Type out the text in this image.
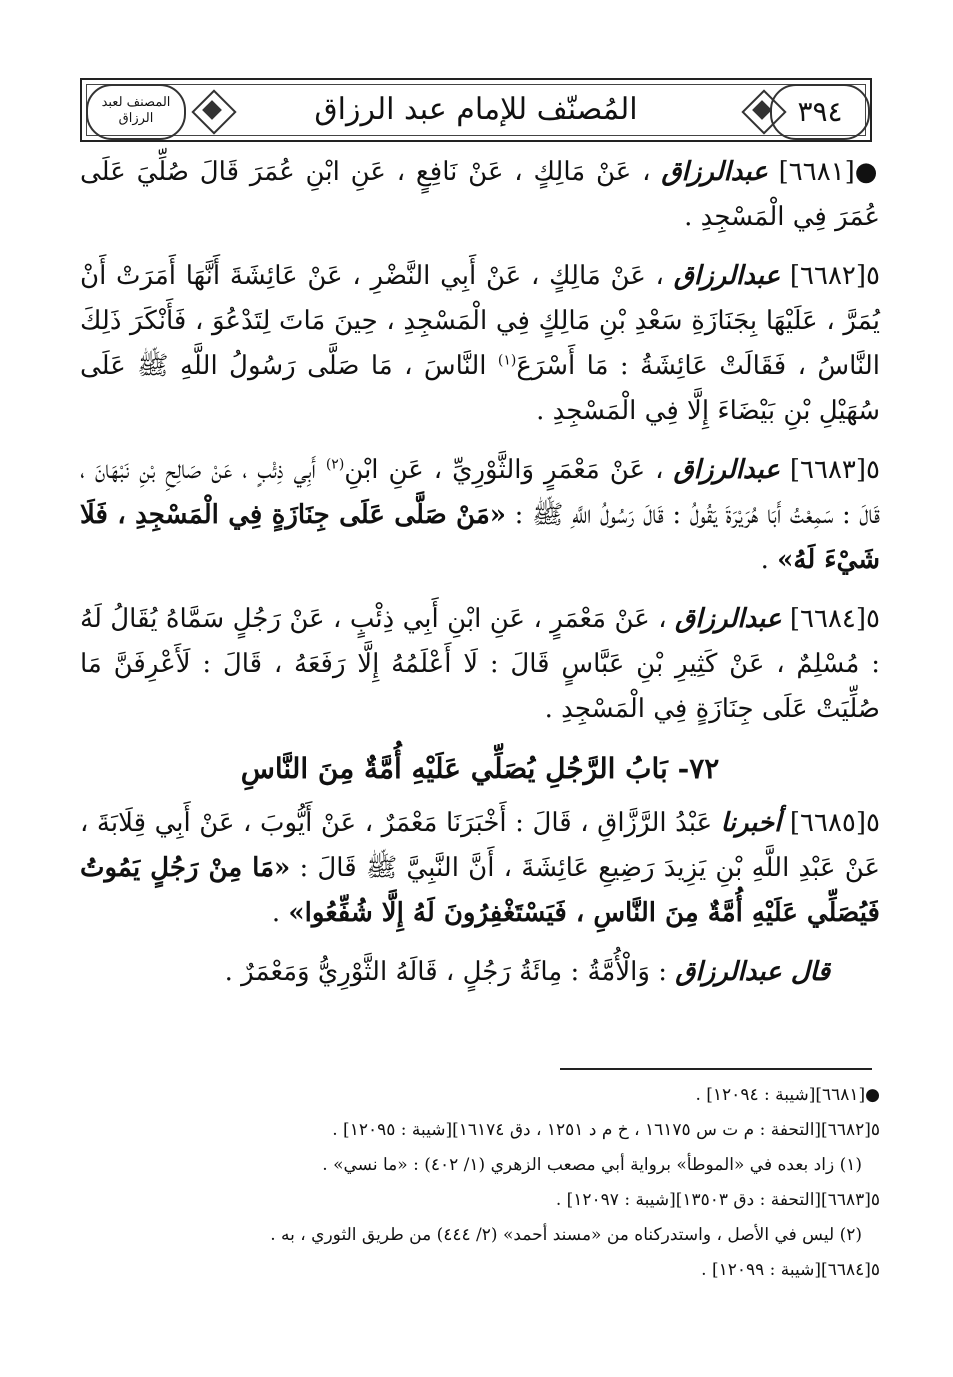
المصنف لعبد الرزاق	المُصنّف للإمام عبد الرزاق	٣٩٤

●[٦٦٨١] عبدالرزاق ، عَنْ مَالِكٍ ، عَنْ نَافِعٍ ، عَنِ ابْنِ عُمَرَ قَالَ صُلِّيَ عَلَى عُمَرَ فِي الْمَسْجِدِ .

٥[٦٦٨٢] عبدالرزاق ، عَنْ مَالِكٍ ، عَنْ أَبِي النَّضْرِ ، عَنْ عَائِشَةَ أَنَّهَا أَمَرَتْ أَنْ يُمَرَّ ، عَلَيْهَا بِجَنَازَةِ سَعْدِ بْنِ مَالِكٍ فِي الْمَسْجِدِ ، حِينَ مَاتَ لِتَدْعُوَ ، فَأَنْكَرَ ذَلِكَ النَّاسُ ، فَقَالَتْ عَائِشَةُ : مَا أَسْرَعَ$^{(١)}$ النَّاسَ ، مَا صَلَّى رَسُولُ اللَّهِ ﷺ عَلَى سُهَيْلِ بْنِ بَيْضَاءَ إِلَّا فِي الْمَسْجِدِ .

٥[٦٦٨٣] عبدالرزاق ، عَنْ مَعْمَرٍ وَالثَّوْرِيِّ ، عَنِ ابْنِ$^{(٢)}$ أَبِي ذِئْبٍ ، عَنْ صَالِحِ بْنِ نَبْهَانَ ، قَالَ : سَمِعْتُ أَبَا هُرَيْرَةَ يَقُولُ : قَالَ رَسُولُ اللَّهِ ﷺ : «مَنْ صَلَّى عَلَى جِنَازَةٍ فِي الْمَسْجِدِ ، فَلَا شَيْءَ لَهُ» .

٥[٦٦٨٤] عبدالرزاق ، عَنْ مَعْمَرٍ ، عَنِ ابْنِ أَبِي ذِئْبٍ ، عَنْ رَجُلٍ سَمَّاهُ يُقَالُ لَهُ : مُسْلِمٌ ، عَنْ كَثِيرِ بْنِ عَبَّاسٍ قَالَ : لَا أَعْلَمُهُ إِلَّا رَفَعَهُ ، قَالَ : لَأَعْرِفَنَّ مَا صُلِّيَتْ عَلَى جِنَازَةٍ فِي الْمَسْجِدِ .

٧٢- بَابُ الرَّجُلِ يُصَلِّي عَلَيْهِ أُمَّةٌ مِنَ النَّاسِ

٥[٦٦٨٥] أخبرنا عَبْدُ الرَّزَّاقِ ، قَالَ : أَخْبَرَنَا مَعْمَرٌ ، عَنْ أَيُّوبَ ، عَنْ أَبِي قِلَابَةَ ، عَنْ عَبْدِ اللَّهِ بْنِ يَزِيدَ رَضِيعِ عَائِشَةَ ، أَنَّ النَّبِيَّ ﷺ قَالَ : «مَا مِنْ رَجُلٍ يَمُوتُ فَيُصَلِّي عَلَيْهِ أُمَّةٌ مِنَ النَّاسِ ، فَيَسْتَغْفِرُونَ لَهُ إِلَّا شُفِّعُوا» .

قال عبدالرزاق : وَالْأُمَّةُ : مِائَةُ رَجُلٍ ، قَالَهُ الثَّوْرِيُّ وَمَعْمَرٌ .

●[٦٦٨١][شيبة : ١٢٠٩٤] .

٥[٦٦٨٢][التحفة : م ت س ١٦١٧٥ ، خ م د ١٢٥١ ، دق ١٦١٧٤][شيبة : ١٢٠٩٥] .

(١) زاد بعده في «الموطأ» برواية أبي مصعب الزهري (١/ ٤٠٢) : «ما نسي» .

٥[٦٦٨٣][التحفة : دق ١٣٥٠٣][شيبة : ١٢٠٩٧] .

(٢) ليس في الأصل ، واستدركناه من «مسند أحمد» (٢/ ٤٤٤) من طريق الثوري ، به .

٥[٦٦٨٤][شيبة : ١٢٠٩٩] .
